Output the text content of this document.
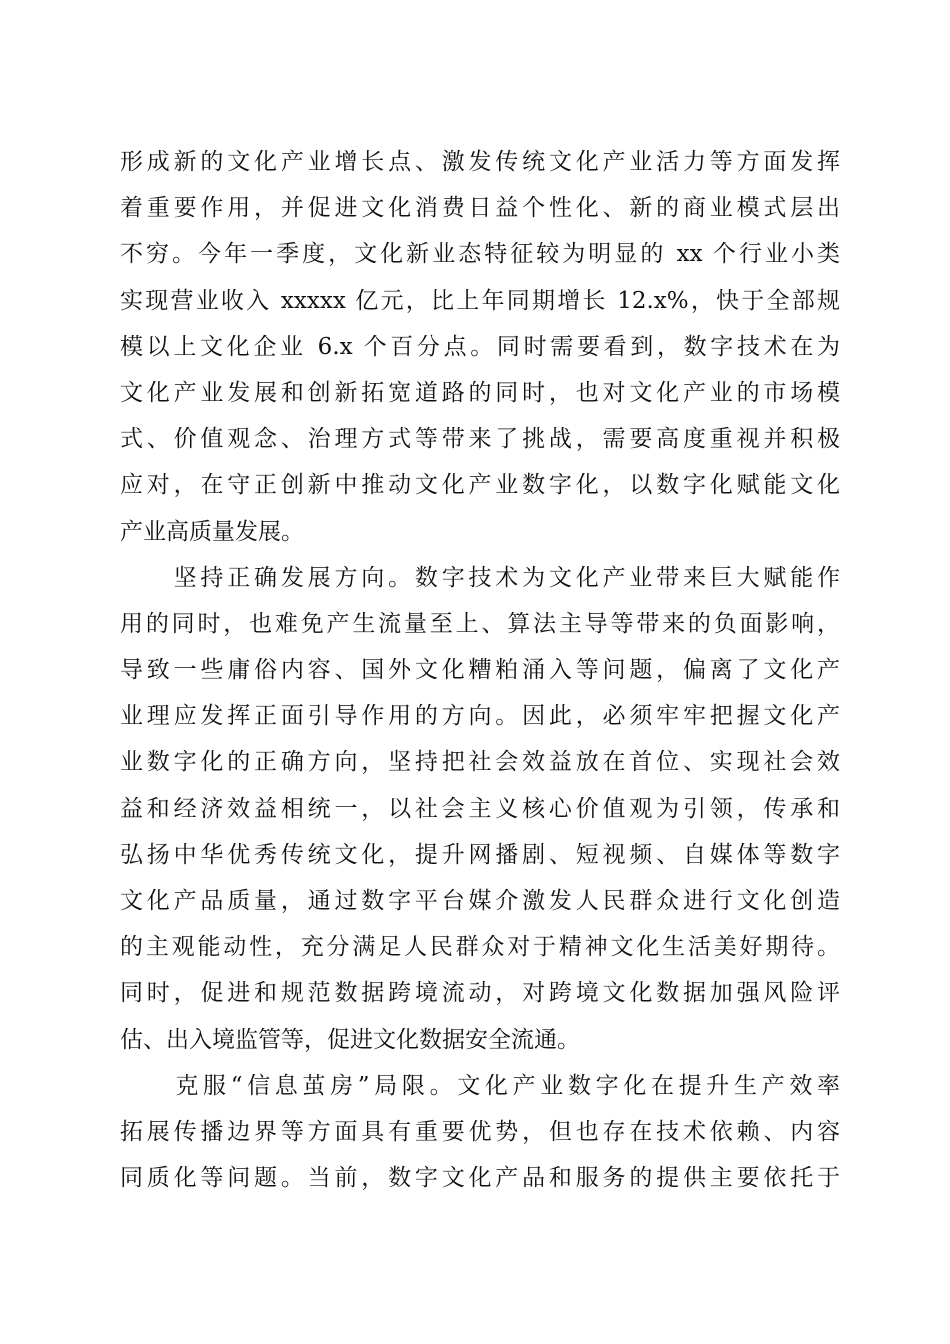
形成新的文化产业增长点、激发传统文化产业活力等方面发挥
着重要作用，并促进文化消费日益个性化、新的商业模式层出
不穷。今年一季度，文化新业态特征较为明显的 xx 个行业小类
实现营业收入 xxxxx 亿元，比上年同期增长 12.x%，快于全部规
模以上文化企业 6.x 个百分点。同时需要看到，数字技术在为
文化产业发展和创新拓宽道路的同时，也对文化产业的市场模
式、价值观念、治理方式等带来了挑战，需要高度重视并积极
应对，在守正创新中推动文化产业数字化，以数字化赋能文化
产业高质量发展。
　　坚持正确发展方向。数字技术为文化产业带来巨大赋能作
用的同时，也难免产生流量至上、算法主导等带来的负面影响，
导致一些庸俗内容、国外文化糟粕涌入等问题，偏离了文化产
业理应发挥正面引导作用的方向。因此，必须牢牢把握文化产
业数字化的正确方向，坚持把社会效益放在首位、实现社会效
益和经济效益相统一，以社会主义核心价值观为引领，传承和
弘扬中华优秀传统文化，提升网播剧、短视频、自媒体等数字
文化产品质量，通过数字平台媒介激发人民群众进行文化创造
的主观能动性，充分满足人民群众对于精神文化生活美好期待。
同时，促进和规范数据跨境流动，对跨境文化数据加强风险评
估、出入境监管等，促进文化数据安全流通。
　　克服“信息茧房”局限。文化产业数字化在提升生产效率
拓展传播边界等方面具有重要优势，但也存在技术依赖、内容
同质化等问题。当前，数字文化产品和服务的提供主要依托于
